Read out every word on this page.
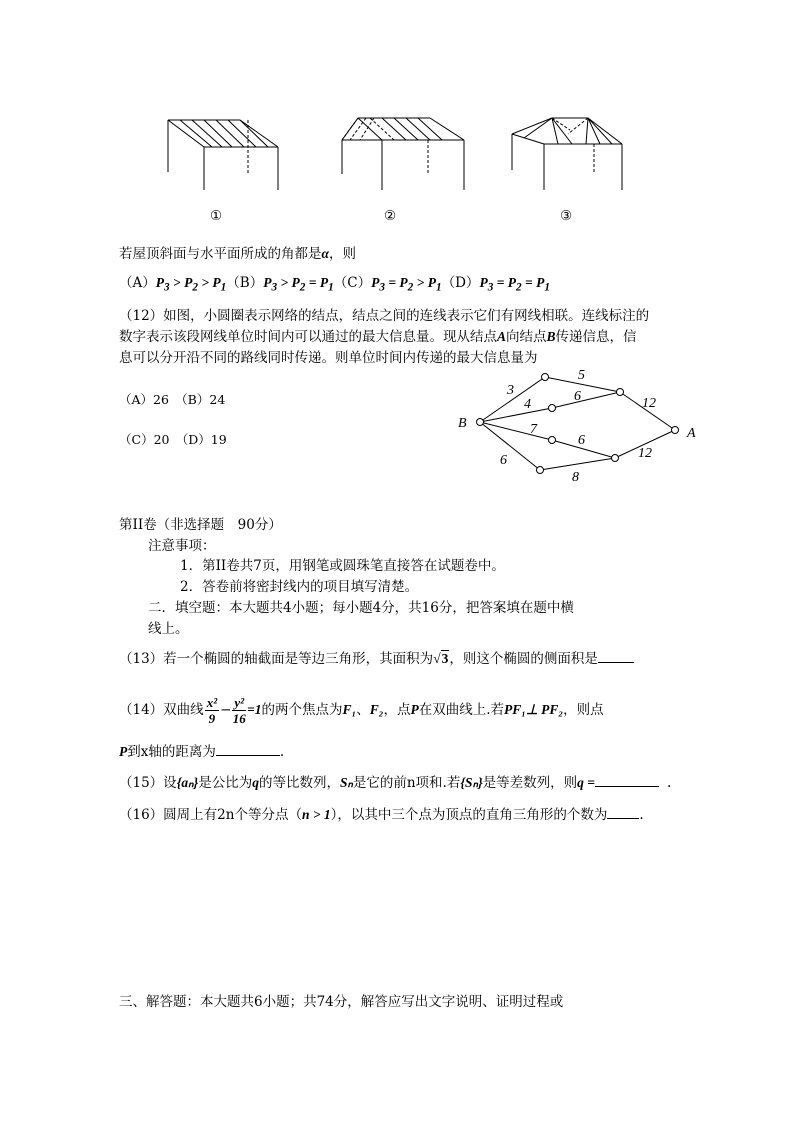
①	②	③
若屋顶斜面与水平面所成的角都是α，则
$(A)P_3 > P_2 > P_1(B)P_3 > P_2 = P_1(C)P_3 = P_2 > P_1(D)P_3 = P_2 = P_1$
（12）如图，小圆圈表示网络的结点，结点之间的连线表示它们有网线相联。连线标注的
数字表示该段网线单位时间内可以通过的最大信息量。现从结点A向结点B传递信息，信
息可以分开沿不同的路线同时传递。则单位时间内传递的最大信息量为
（A）26　（B）24
（C）20　（D）19
B
A
3
5
12
4
6
7
6
12
6
8
第II卷（非选择题　90分）
注意事项：
1．第II卷共7页，用钢笔或圆珠笔直接答在试题卷中。
2．答卷前将密封线内的项目填写清楚。
二．填空题：本大题共4小题；每小题4分，共16分，把答案填在题中横
线上。
（13）若一个椭圆的轴截面是等边三角形，其面积为√3，则这个椭圆的侧面积是
（14）双曲线 $\frac{\text{x²}}{9} - \frac{\text{y²}}{16} =1$的两个焦点为F₁、F₂，点P在双曲线上.若PF₁⊥ PF₂，则点
P到x轴的距离为	.
（15）设{aₙ}是公比为q的等比数列，Sₙ是它的前n项和.若{Sₙ}是等差数列，则q =	.
（16）圆周上有2n个等分点（n > 1），以其中三个点为顶点的直角三角形的个数为 .
三、解答题：本大题共6小题；共74分，解答应写出文字说明、证明过程或
